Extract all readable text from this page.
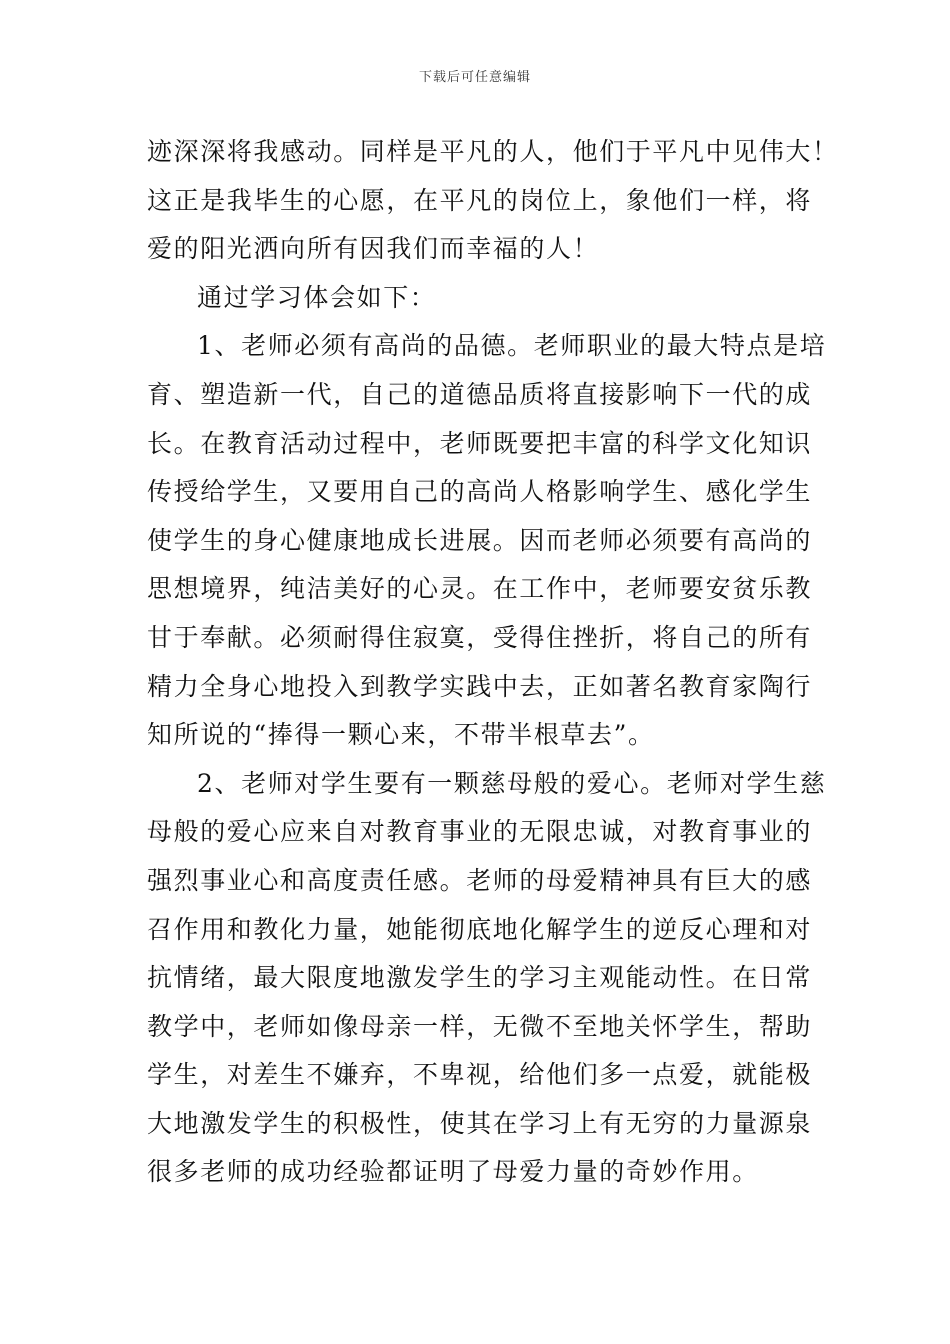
下载后可任意编辑
迹深深将我感动。同样是平凡的人，他们于平凡中见伟大！
这正是我毕生的心愿，在平凡的岗位上，象他们一样，将
爱的阳光洒向所有因我们而幸福的人！
通过学习体会如下：
1、老师必须有高尚的品德。老师职业的最大特点是培
育、塑造新一代，自己的道德品质将直接影响下一代的成
长。在教育活动过程中，老师既要把丰富的科学文化知识
传授给学生，又要用自己的高尚人格影响学生、感化学生
使学生的身心健康地成长进展。因而老师必须要有高尚的
思想境界，纯洁美好的心灵。在工作中，老师要安贫乐教
甘于奉献。必须耐得住寂寞，受得住挫折，将自己的所有
精力全身心地投入到教学实践中去，正如著名教育家陶行
知所说的“捧得一颗心来，不带半根草去”。
2、老师对学生要有一颗慈母般的爱心。老师对学生慈
母般的爱心应来自对教育事业的无限忠诚，对教育事业的
强烈事业心和高度责任感。老师的母爱精神具有巨大的感
召作用和教化力量，她能彻底地化解学生的逆反心理和对
抗情绪，最大限度地激发学生的学习主观能动性。在日常
教学中，老师如像母亲一样，无微不至地关怀学生，帮助
学生，对差生不嫌弃，不卑视，给他们多一点爱，就能极
大地激发学生的积极性，使其在学习上有无穷的力量源泉
很多老师的成功经验都证明了母爱力量的奇妙作用。
